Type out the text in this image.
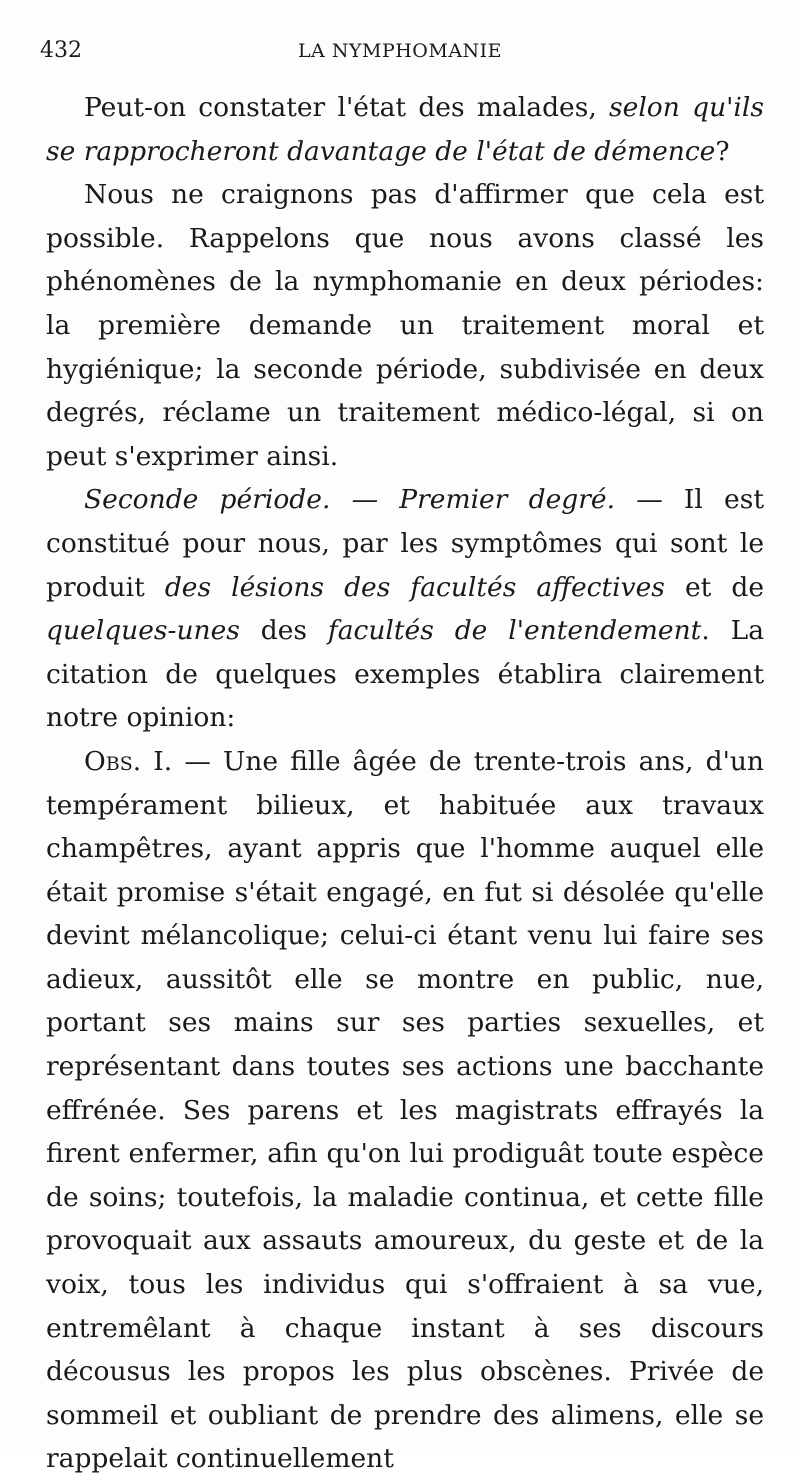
432	LA NYMPHOMANIE

Peut-on constater l'état des malades, selon qu'ils se rapprocheront davantage de l'état de démence?

Nous ne craignons pas d'affirmer que cela est possible. Rappelons que nous avons classé les phénomènes de la nymphomanie en deux périodes: la première demande un traitement moral et hygiénique; la seconde période, subdivisée en deux degrés, réclame un traitement médico-légal, si on peut s'exprimer ainsi.

Seconde période. — Premier degré. — Il est constitué pour nous, par les symptômes qui sont le produit des lésions des facultés affectives et de quelques-unes des facultés de l'entendement. La citation de quelques exemples établira clairement notre opinion:

Obs. I. — Une fille âgée de trente-trois ans, d'un tempérament bilieux, et habituée aux travaux champêtres, ayant appris que l'homme auquel elle était promise s'était engagé, en fut si désolée qu'elle devint mélancolique; celui-ci étant venu lui faire ses adieux, aussitôt elle se montre en public, nue, portant ses mains sur ses parties sexuelles, et représentant dans toutes ses actions une bacchante effrénée. Ses parens et les magistrats effrayés la firent enfermer, afin qu'on lui prodiguât toute espèce de soins; toutefois, la maladie continua, et cette fille provoquait aux assauts amoureux, du geste et de la voix, tous les individus qui s'offraient à sa vue, entremêlant à chaque instant à ses discours décousus les propos les plus obscènes. Privée de sommeil et oubliant de prendre des alimens, elle se rappelait continuellement
